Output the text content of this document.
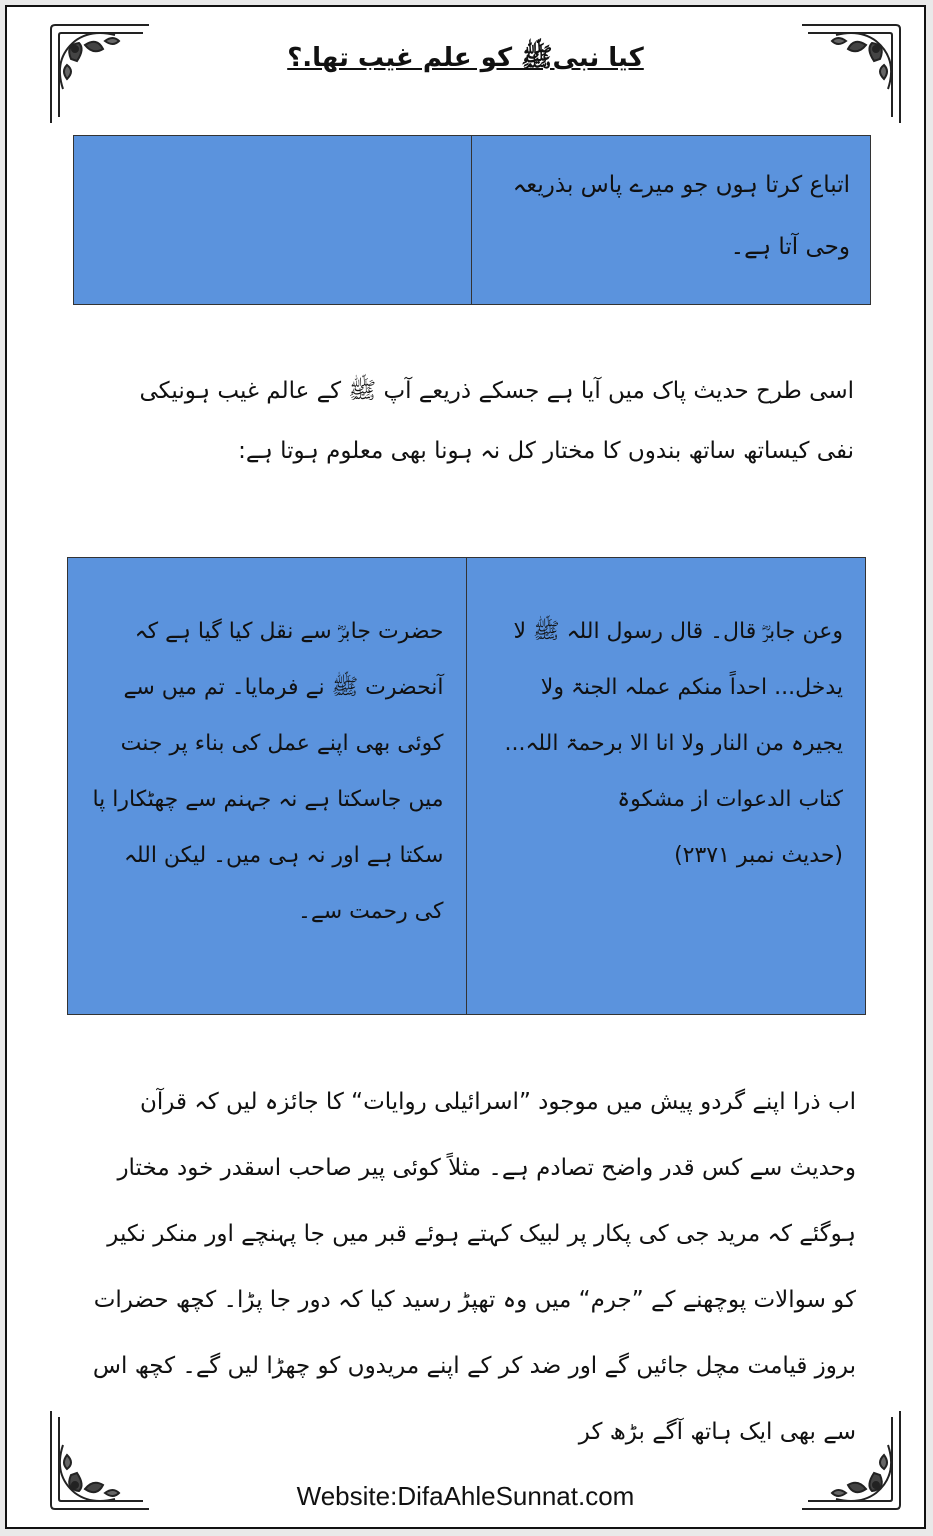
کیا نبیﷺ کو علم غیب تھا.؟
اتباع کرتا ہوں جو میرے پاس بذریعہ وحی آتا ہے۔
اسی طرح حدیث پاک میں آیا ہے جسکے ذریعے آپ ﷺ کے عالم غیب ہونیکی نفی کیساتھ ساتھ بندوں کا مختار کل نہ ہونا بھی معلوم ہوتا ہے:

وعن جابرؓ قال۔ قال رسول اللہ ﷺ لا یدخل... احداً منکم عملہ الجنۃ ولا یجیرہ من النار ولا انا الا برحمۃ اللہ... کتاب الدعوات از مشکوۃ

(حدیث نمبر ۲۳۷۱)

حضرت جابرؓ سے نقل کیا گیا ہے کہ آنحضرت ﷺ نے فرمایا۔ تم میں سے کوئی بھی اپنے عمل کی بناء پر جنت میں جاسکتا ہے نہ جہنم سے چھٹکارا پا سکتا ہے اور نہ ہی میں۔ لیکن اللہ کی رحمت سے۔

اب ذرا اپنے گردو پیش میں موجود ”اسرائیلی روایات“ کا جائزہ لیں کہ قرآن وحدیث سے کس قدر واضح تصادم ہے۔ مثلاً کوئی پیر صاحب اسقدر خود مختار ہوگئے کہ مرید جی کی پکار پر لبیک کہتے ہوئے قبر میں جا پہنچے اور منکر نکیر کو سوالات پوچھنے کے ”جرم“ میں وہ تھپڑ رسید کیا کہ دور جا پڑا۔ کچھ حضرات بروز قیامت مچل جائیں گے اور ضد کر کے اپنے مریدوں کو چھڑا لیں گے۔ کچھ اس سے بھی ایک ہاتھ آگے بڑھ کر
Website:DifaAhleSunnat.com
